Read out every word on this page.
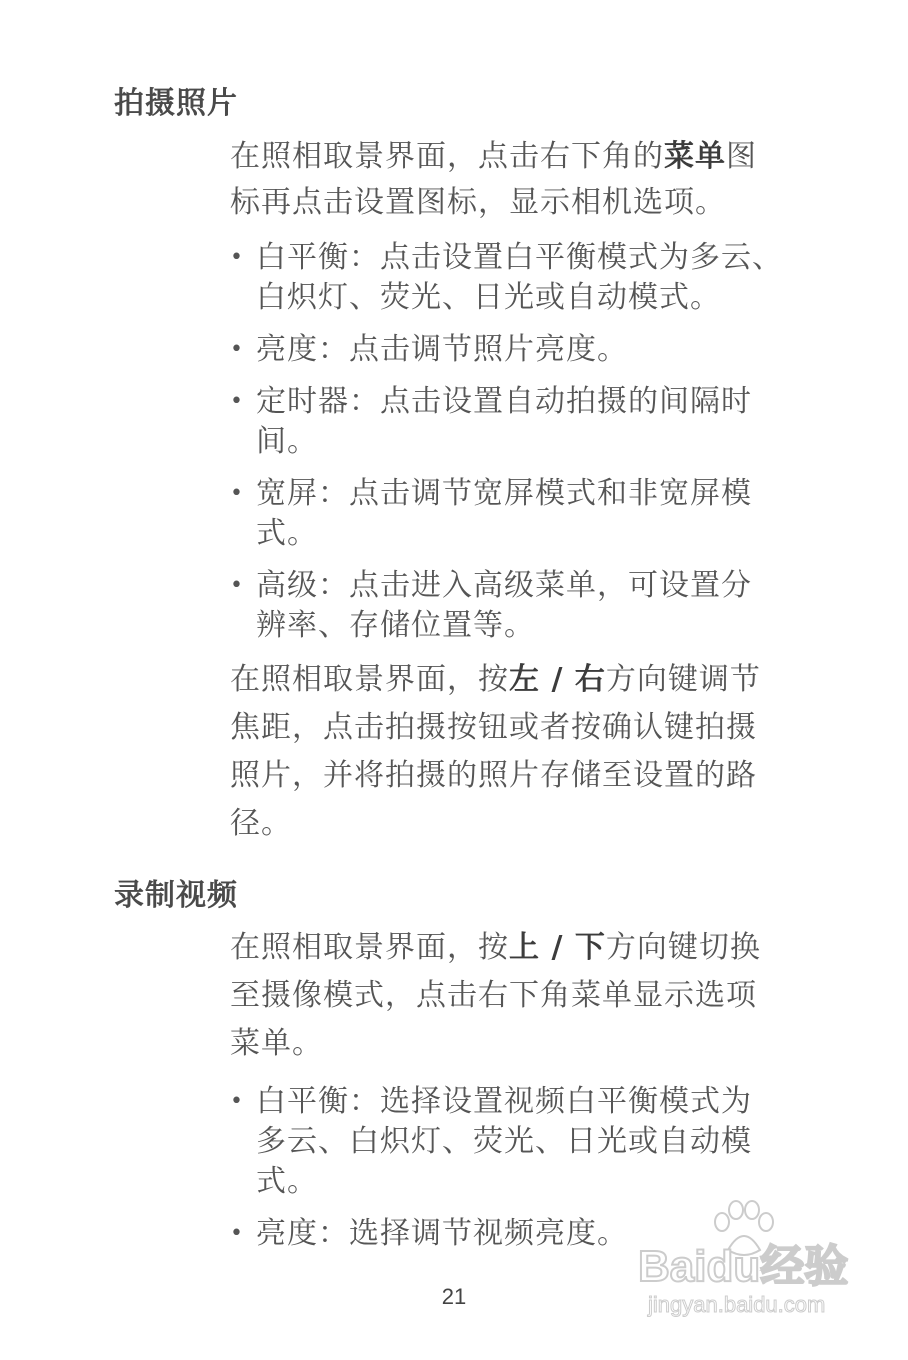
拍摄照片

在照相取景界面，点击右下角的菜单图
标再点击设置图标，显示相机选项。

• 白平衡：点击设置白平衡模式为多云、
白炽灯、荧光、日光或自动模式。
• 亮度：点击调节照片亮度。
• 定时器：点击设置自动拍摄的间隔时
间。
• 宽屏：点击调节宽屏模式和非宽屏模
式。
• 高级：点击进入高级菜单，可设置分
辨率、存储位置等。

在照相取景界面，按左 / 右方向键调节
焦距，点击拍摄按钮或者按确认键拍摄
照片，并将拍摄的照片存储至设置的路
径。

录制视频

在照相取景界面，按上 / 下方向键切换
至摄像模式，点击右下角菜单显示选项
菜单。

• 白平衡：选择设置视频白平衡模式为
多云、白炽灯、荧光、日光或自动模
式。
• 亮度：选择调节视频亮度。
21
Baidu经验
jingyan.baidu.com
